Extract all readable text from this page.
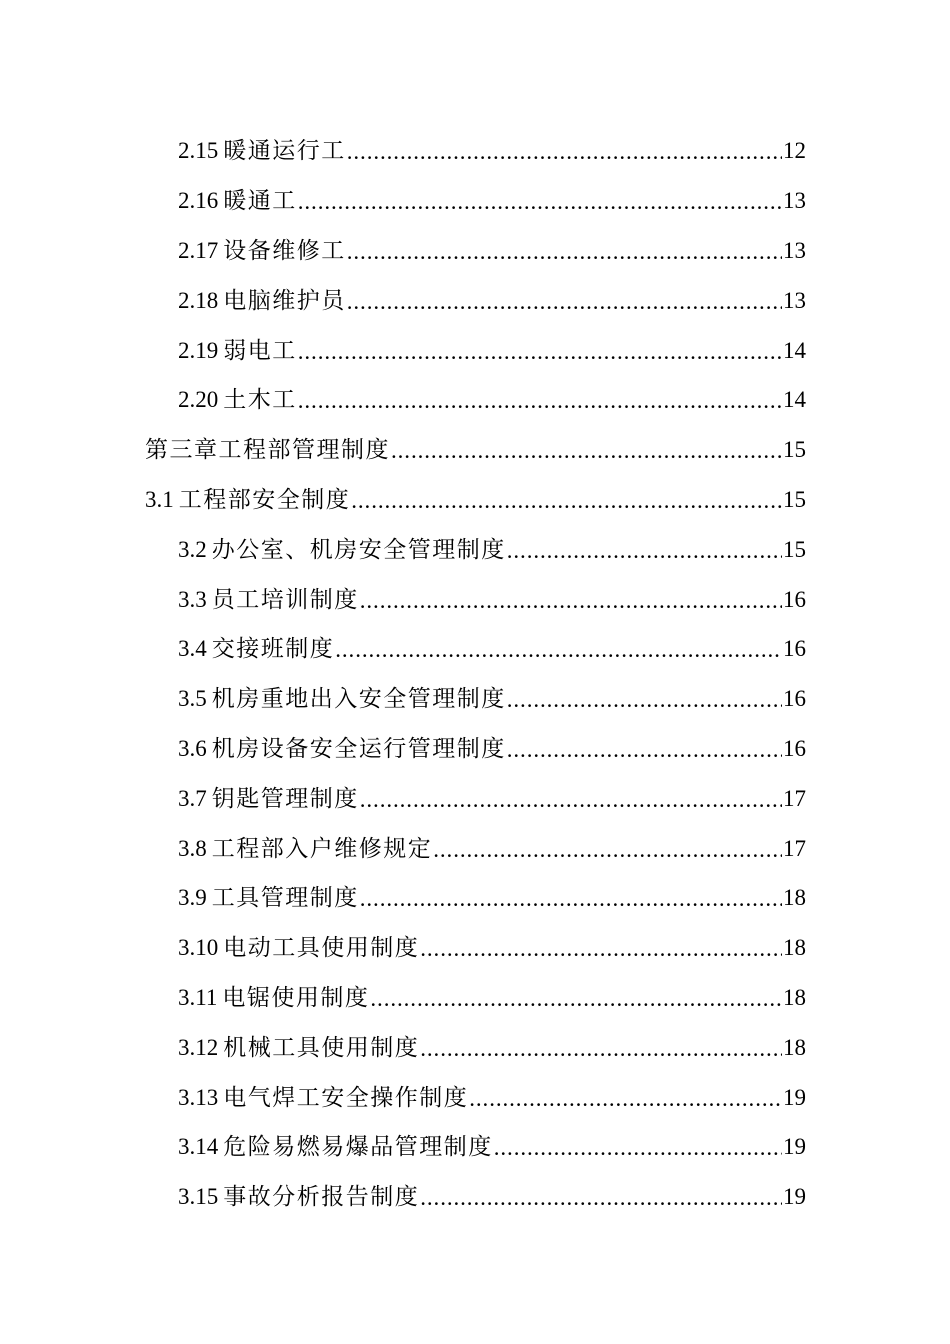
2.15 暖通运行工 .....	12
2.16 暖通工 .....	13
2.17 设备维修工 .....	13
2.18 电脑维护员 .....	13
2.19 弱电工 .....	14
2.20 土木工 .....	14
第三章工程部管理制度 .....	15
3.1 工程部安全制度 .....	15
3.2 办公室、机房安全管理制度 .....	15
3.3 员工培训制度 .....	16
3.4 交接班制度 .....	16
3.5 机房重地出入安全管理制度 .....	16
3.6 机房设备安全运行管理制度 .....	16
3.7 钥匙管理制度 .....	17
3.8 工程部入户维修规定 .....	17
3.9 工具管理制度 .....	18
3.10 电动工具使用制度 .....	18
3.11 电锯使用制度 .....	18
3.12 机械工具使用制度 .....	18
3.13 电气焊工安全操作制度 .....	19
3.14 危险易燃易爆品管理制度 .....	19
3.15 事故分析报告制度 .....	19
